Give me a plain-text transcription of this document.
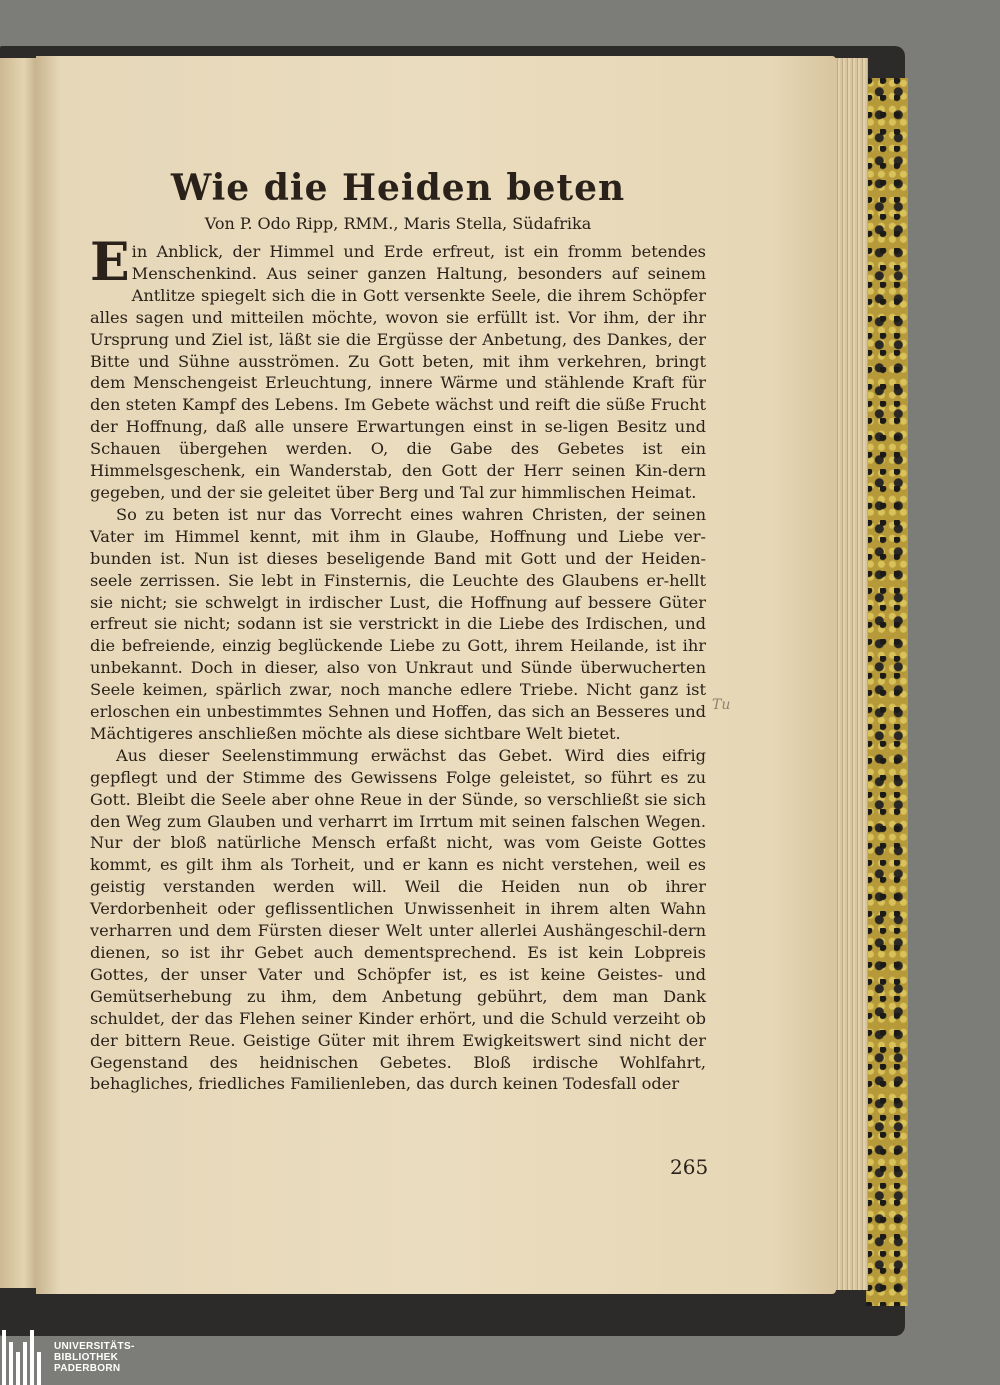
Wie die Heiden beten
Von P. Odo Ripp, RMM., Maris Stella, Südafrika

Ein Anblick, der Himmel und Erde erfreut, ist ein fromm betendes Menschenkind. Aus seiner ganzen Haltung, besonders auf seinem Antlitze spiegelt sich die in Gott versenkte Seele, die ihrem Schöpfer alles sagen und mitteilen möchte, wovon sie erfüllt ist. Vor ihm, der ihr Ursprung und Ziel ist, läßt sie die Ergüsse der Anbetung, des Dankes, der Bitte und Sühne ausströmen. Zu Gott beten, mit ihm verkehren, bringt dem Menschengeist Erleuchtung, innere Wärme und stählende Kraft für den steten Kampf des Lebens. Im Gebete wächst und reift die süße Frucht der Hoffnung, daß alle unsere Erwartungen einst in se-ligen Besitz und Schauen übergehen werden. O, die Gabe des Gebetes ist ein Himmelsgeschenk, ein Wanderstab, den Gott der Herr seinen Kin-dern gegeben, und der sie geleitet über Berg und Tal zur himmlischen Heimat.

So zu beten ist nur das Vorrecht eines wahren Christen, der seinen Vater im Himmel kennt, mit ihm in Glaube, Hoffnung und Liebe ver-bunden ist. Nun ist dieses beseligende Band mit Gott und der Heiden-seele zerrissen. Sie lebt in Finsternis, die Leuchte des Glaubens er-hellt sie nicht; sie schwelgt in irdischer Lust, die Hoffnung auf bessere Güter erfreut sie nicht; sodann ist sie verstrickt in die Liebe des Irdischen, und die befreiende, einzig beglückende Liebe zu Gott, ihrem Heilande, ist ihr unbekannt. Doch in dieser, also von Unkraut und Sünde überwucherten Seele keimen, spärlich zwar, noch manche edlere Triebe. Nicht ganz ist erloschen ein unbestimmtes Sehnen und Hoffen, das sich an Besseres und Mächtigeres anschließen möchte als diese sichtbare Welt bietet.

Aus dieser Seelenstimmung erwächst das Gebet. Wird dies eifrig gepflegt und der Stimme des Gewissens Folge geleistet, so führt es zu Gott. Bleibt die Seele aber ohne Reue in der Sünde, so verschließt sie sich den Weg zum Glauben und verharrt im Irrtum mit seinen falschen Wegen. Nur der bloß natürliche Mensch erfaßt nicht, was vom Geiste Gottes kommt, es gilt ihm als Torheit, und er kann es nicht verstehen, weil es geistig verstanden werden will. Weil die Heiden nun ob ihrer Verdorbenheit oder geflissentlichen Unwissenheit in ihrem alten Wahn verharren und dem Fürsten dieser Welt unter allerlei Aushängeschil-dern dienen, so ist ihr Gebet auch dementsprechend. Es ist kein Lobpreis Gottes, der unser Vater und Schöpfer ist, es ist keine Geistes- und Gemütserhebung zu ihm, dem Anbetung gebührt, dem man Dank schuldet, der das Flehen seiner Kinder erhört, und die Schuld verzeiht ob der bittern Reue. Geistige Güter mit ihrem Ewigkeitswert sind nicht der Gegenstand des heidnischen Gebetes. Bloß irdische Wohlfahrt, behagliches, friedliches Familienleben, das durch keinen Todesfall oder

Tu
265
UNIVERSITÄTS-
BIBLIOTHEK
PADERBORN
